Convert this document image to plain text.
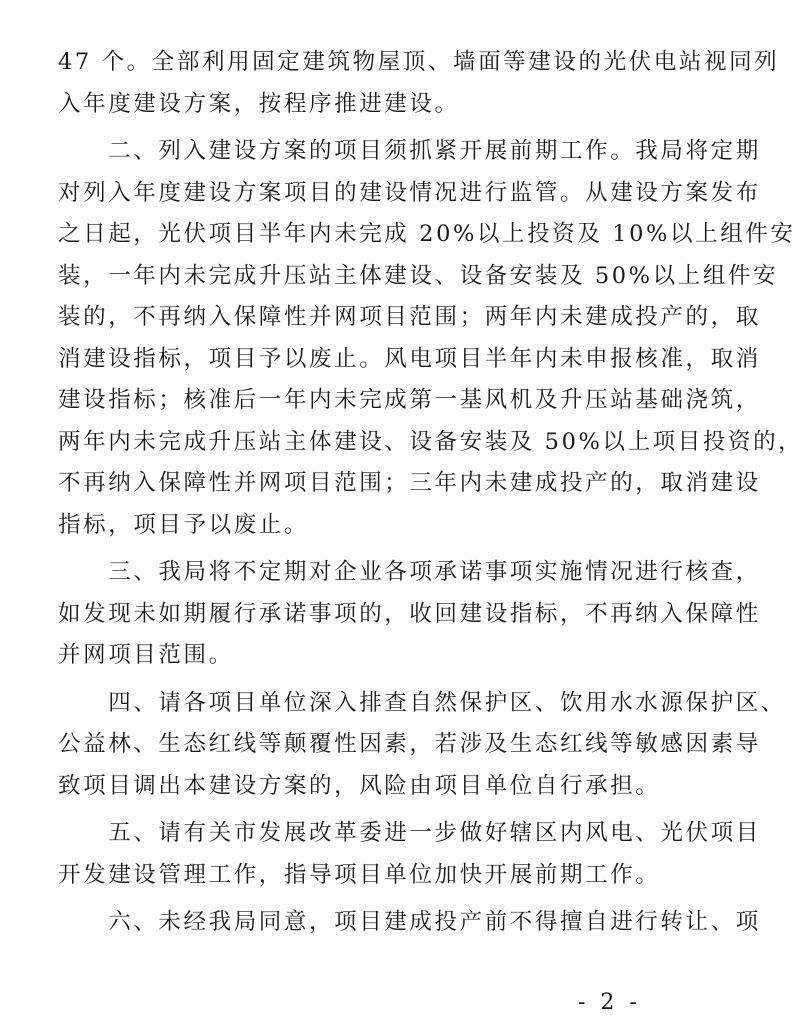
47 个。全部利用固定建筑物屋顶、墙面等建设的光伏电站视同列
入年度建设方案，按程序推进建设。
　　二、列入建设方案的项目须抓紧开展前期工作。我局将定期
对列入年度建设方案项目的建设情况进行监管。从建设方案发布
之日起，光伏项目半年内未完成 20%以上投资及 10%以上组件安
装，一年内未完成升压站主体建设、设备安装及 50%以上组件安
装的，不再纳入保障性并网项目范围；两年内未建成投产的，取
消建设指标，项目予以废止。风电项目半年内未申报核准，取消
建设指标；核准后一年内未完成第一基风机及升压站基础浇筑，
两年内未完成升压站主体建设、设备安装及 50%以上项目投资的，
不再纳入保障性并网项目范围；三年内未建成投产的，取消建设
指标，项目予以废止。
　　三、我局将不定期对企业各项承诺事项实施情况进行核查，
如发现未如期履行承诺事项的，收回建设指标，不再纳入保障性
并网项目范围。
　　四、请各项目单位深入排查自然保护区、饮用水水源保护区、
公益林、生态红线等颠覆性因素，若涉及生态红线等敏感因素导
致项目调出本建设方案的，风险由项目单位自行承担。
　　五、请有关市发展改革委进一步做好辖区内风电、光伏项目
开发建设管理工作，指导项目单位加快开展前期工作。
　　六、未经我局同意，项目建成投产前不得擅自进行转让、项
- 2 -
